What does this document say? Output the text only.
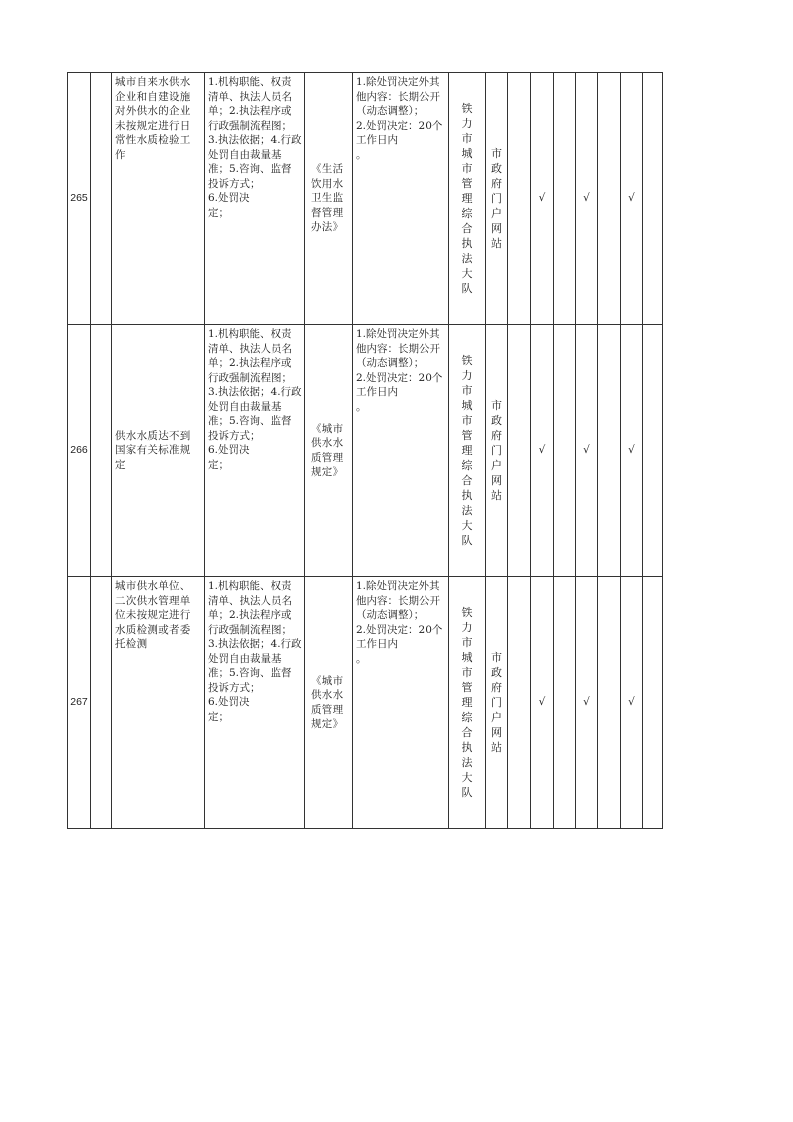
265		城市自来水供水企业和自建设施对外供水的企业未按规定进行日常性水质检验工作	1.机构职能、权责清单、执法人员名单；2.执法程序或行政强制流程图；3.执法依据；4.行政处罚自由裁量基准；5.咨询、监督投诉方式；
6.处罚决
定；	《生活饮用水卫生监督管理办法》	1.除处罚决定外其他内容：长期公开
（动态调整）；
2.处罚决定：20个工作日内
。	铁力市城市管理综合执法大队	市政府门户网站		√		√		√	
266		供水水质达不到国家有关标准规定	1.机构职能、权责清单、执法人员名单；2.执法程序或行政强制流程图；3.执法依据；4.行政处罚自由裁量基准；5.咨询、监督投诉方式；
6.处罚决
定；	《城市供水水质管理规定》	1.除处罚决定外其他内容：长期公开
（动态调整）；
2.处罚决定：20个工作日内
。	铁力市城市管理综合执法大队	市政府门户网站		√		√		√	
267		城市供水单位、二次供水管理单位未按规定进行水质检测或者委托检测	1.机构职能、权责清单、执法人员名单；2.执法程序或行政强制流程图；3.执法依据；4.行政处罚自由裁量基准；5.咨询、监督投诉方式；
6.处罚决
定；	《城市供水水质管理规定》	1.除处罚决定外其他内容：长期公开
（动态调整）；
2.处罚决定：20个工作日内
。	铁力市城市管理综合执法大队	市政府门户网站		√		√		√	
